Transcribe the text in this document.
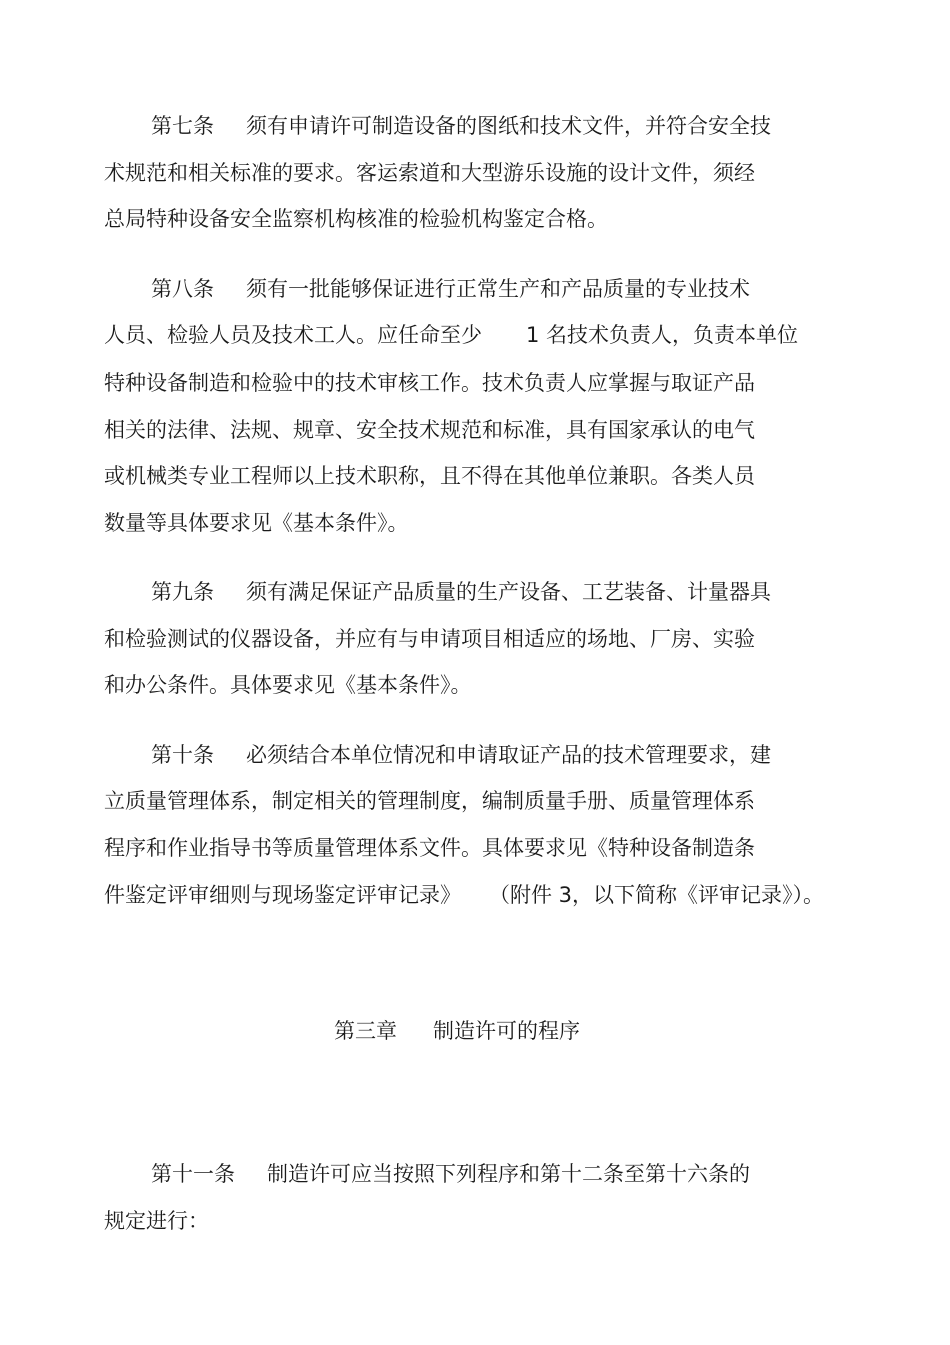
第七条 须有申请许可制造设备的图纸和技术文件，并符合安全技
术规范和相关标准的要求。客运索道和大型游乐设施的设计文件，须经
总局特种设备安全监察机构核准的检验机构鉴定合格。
第八条 须有一批能够保证进行正常生产和产品质量的专业技术
人员、检验人员及技术工人。应任命至少 1 名技术负责人，负责本单位
特种设备制造和检验中的技术审核工作。技术负责人应掌握与取证产品
相关的法律、法规、规章、安全技术规范和标准，具有国家承认的电气
或机械类专业工程师以上技术职称，且不得在其他单位兼职。各类人员
数量等具体要求见《基本条件》。
第九条 须有满足保证产品质量的生产设备、工艺装备、计量器具
和检验测试的仪器设备，并应有与申请项目相适应的场地、厂房、实验
和办公条件。具体要求见《基本条件》。
第十条 必须结合本单位情况和申请取证产品的技术管理要求，建
立质量管理体系，制定相关的管理制度，编制质量手册、质量管理体系
程序和作业指导书等质量管理体系文件。具体要求见《特种设备制造条
件鉴定评审细则与现场鉴定评审记录》 （附件 3，以下简称《评审记录》）。
第三章 制造许可的程序
第十一条 制造许可应当按照下列程序和第十二条至第十六条的
规定进行：
